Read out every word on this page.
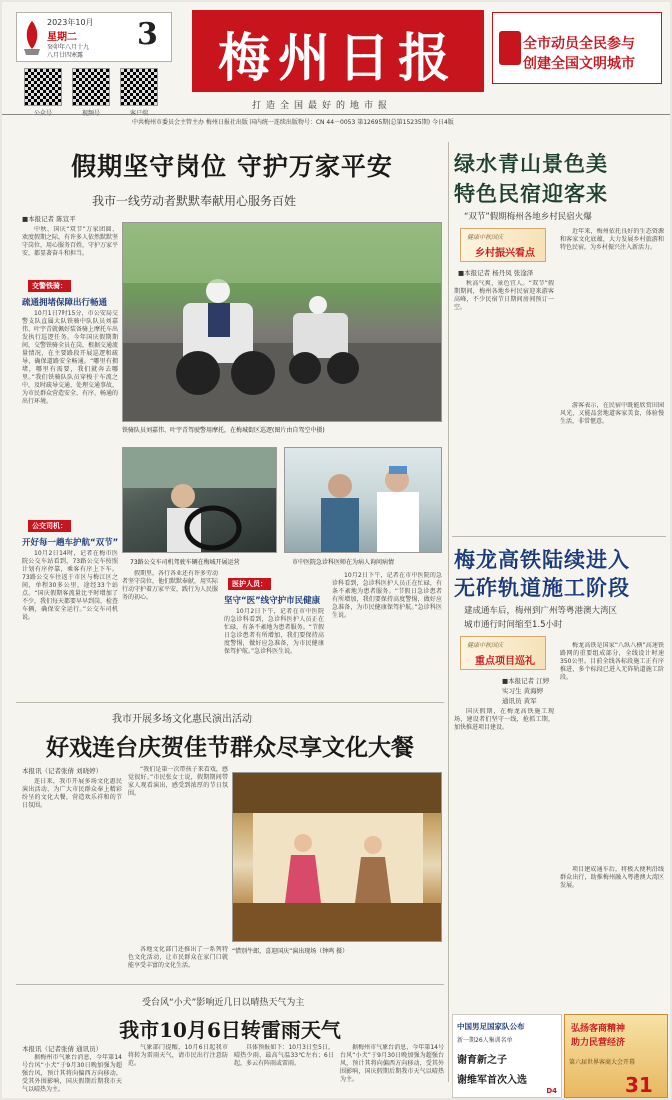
2023年10月
星期二
癸卯年八月十九
八月廿四寒露
3
公众号	视频号	客户端
梅州日报	全市动员全民参与
创建全国文明城市
打造全国最好的地市报
中共梅州市委员会主管主办 梅州日报社出版 国内统一连续出版物号：CN 44－0053 第12695期(总第15235期) 今日4版
假期坚守岗位 守护万家平安
我市一线劳动者默默奉献用心服务百姓
■本报记者 陈宣平
中秋、国庆“双节”万家团圆、欢度假期之际，有许多人依然默默坚守岗位，用心服务百姓，守护万家平安，都显著奋斗和担当。
交警铁骑：
疏通拥堵保障出行畅通
10月1日7时15分，市公安局交警支队直属大队铁骑中队队员刘嘉伟、叶宇青就佩好装备骑上摩托车出发执行巡逻任务。今年国庆假期期间，交警铁骑全员在岗，根据交通流量情况，在主要路段开展巡逻和疏导，确保道路安全畅通。“哪里有拥堵，哪里有需要，我们就奔去哪里。”我们铁骑队队员穿梭于车流之中，及时疏导交通、处理交通事故，为市民群众营造安全、有序、畅通的出行环境。
铁骑队员刘嘉伟、叶宇青驾驶警用摩托，在梅城街区巡逻(图片由自驾空中摄)
73路公交车司机驾驶车辆在梅城开展运营	市中医院急诊科医师在为病人询问病情
公交司机：
开好每一趟车护航“双节”
10月2日14时，记者在梅市医院公交车站看到，73路公交车按照计划有序停靠，乘客有序上下车。73路公交车往返于市区与梅江区之间，单程30多公里，途经33个站点。“国庆假期客流量比平时增加了不少，我们每天都要早早到岗，检查车辆，确保安全运行。”公交车司机说。
假期里，各行各业还有许多劳动者坚守岗位，他们默默奉献，用实际行动守护着万家平安，践行为人民服务的初心。
医护人员：
坚守“医”线守护市民健康
10月2日下午，记者在市中医院的急诊科看到，急诊科医护人员正在忙碌，有条不紊地为患者服务。“节假日急诊患者有所增加，我们要保持高度警惕，做好应急准备，为市民健康保驾护航。”急诊科医生说。
10月2日下午，记者在市中医院的急诊科看到，急诊科医护人员正在忙碌，有条不紊地为患者服务。“节假日急诊患者有所增加，我们要保持高度警惕，做好应急准备，为市民健康保驾护航。”急诊科医生说。
绿水青山景色美
特色民宿迎客来
“双节”假期梅州各地乡村民宿火爆
健康中秋国庆
乡村振兴看点
■本报记者 杨丹凤 张淦泽
秋高气爽，景色宜人。“双节”假期期间，梅州各地乡村民宿迎来游客高峰，不少民宿节日期间房间预订一空。
近年来，梅州依托良好的生态资源和客家文化底蕴，大力发展乡村旅游和特色民宿，为乡村振兴注入新活力。
游客表示，在民宿中既能欣赏田园风光，又能品尝地道客家美食，体验慢生活，非常惬意。
梅龙高铁陆续进入
无砟轨道施工阶段
建成通车后，梅州到广州等粤港澳大湾区
城市通行时间缩至1.5小时
健康中秋国庆
重点项目巡礼
■本报记者 江婷
实习生 黄海婷
通讯员 黄军
国庆假期，在梅龙高铁施工现场，建设者们坚守一线，抢抓工期，加快推进项目建设。
梅龙高铁是国家“八纵八横”高速铁路网的重要组成部分，全线设计时速350公里。目前全线各标段施工正有序推进，多个标段已进入无砟轨道施工阶段。
项目建成通车后，将极大便利沿线群众出行，助推梅州融入粤港澳大湾区发展。
我市开展多场文化惠民演出活动
好戏连台庆贺佳节群众尽享文化大餐
本报讯（记者张倩 刘晓婷）
连日来，我市开展多场文化惠民演出活动，为广大市民群众奉上精彩纷呈的文化大餐，营造欢乐祥和的节日氛围。
“我们是第一次带孩子来看戏，感觉很好。”市民张女士说，假期期间带家人观看演出，感受到浓厚的节日氛围。
“惜别牛郎，喜迎国庆”演出现场（钟鸣 摄）
各地文化部门还推出了一系列特色文化活动，让市民群众在家门口就能享受丰富的文化生活。
受台风“小犬”影响近几日以晴热天气为主
我市10月6日转雷雨天气
本报讯（记者张倩 通讯员）
据梅州市气象台消息，今年第14号台风“小犬”于9月30日晚加强为超强台风，预计其将向偏西方向移动，受其外围影响，国庆假期后期我市天气以晴热为主。
气象部门提醒，10月6日起我市将转为雷雨天气，请市民出行注意防范。
具体预报如下：10月3日至5日，晴热少雨，最高气温33℃左右；6日起，多云有阵雨或雷雨。
据梅州市气象台消息，今年第14号台风“小犬”于9月30日晚加强为超强台风，预计其将向偏西方向移动，受其外围影响，国庆假期后期我市天气以晴热为主。
中国男足国家队公布
新一期26人集训名单
谢育新之子
谢维军首次入选
D4
弘扬客商精神
助力民营经济
第六届世界客商大会开幕
31
